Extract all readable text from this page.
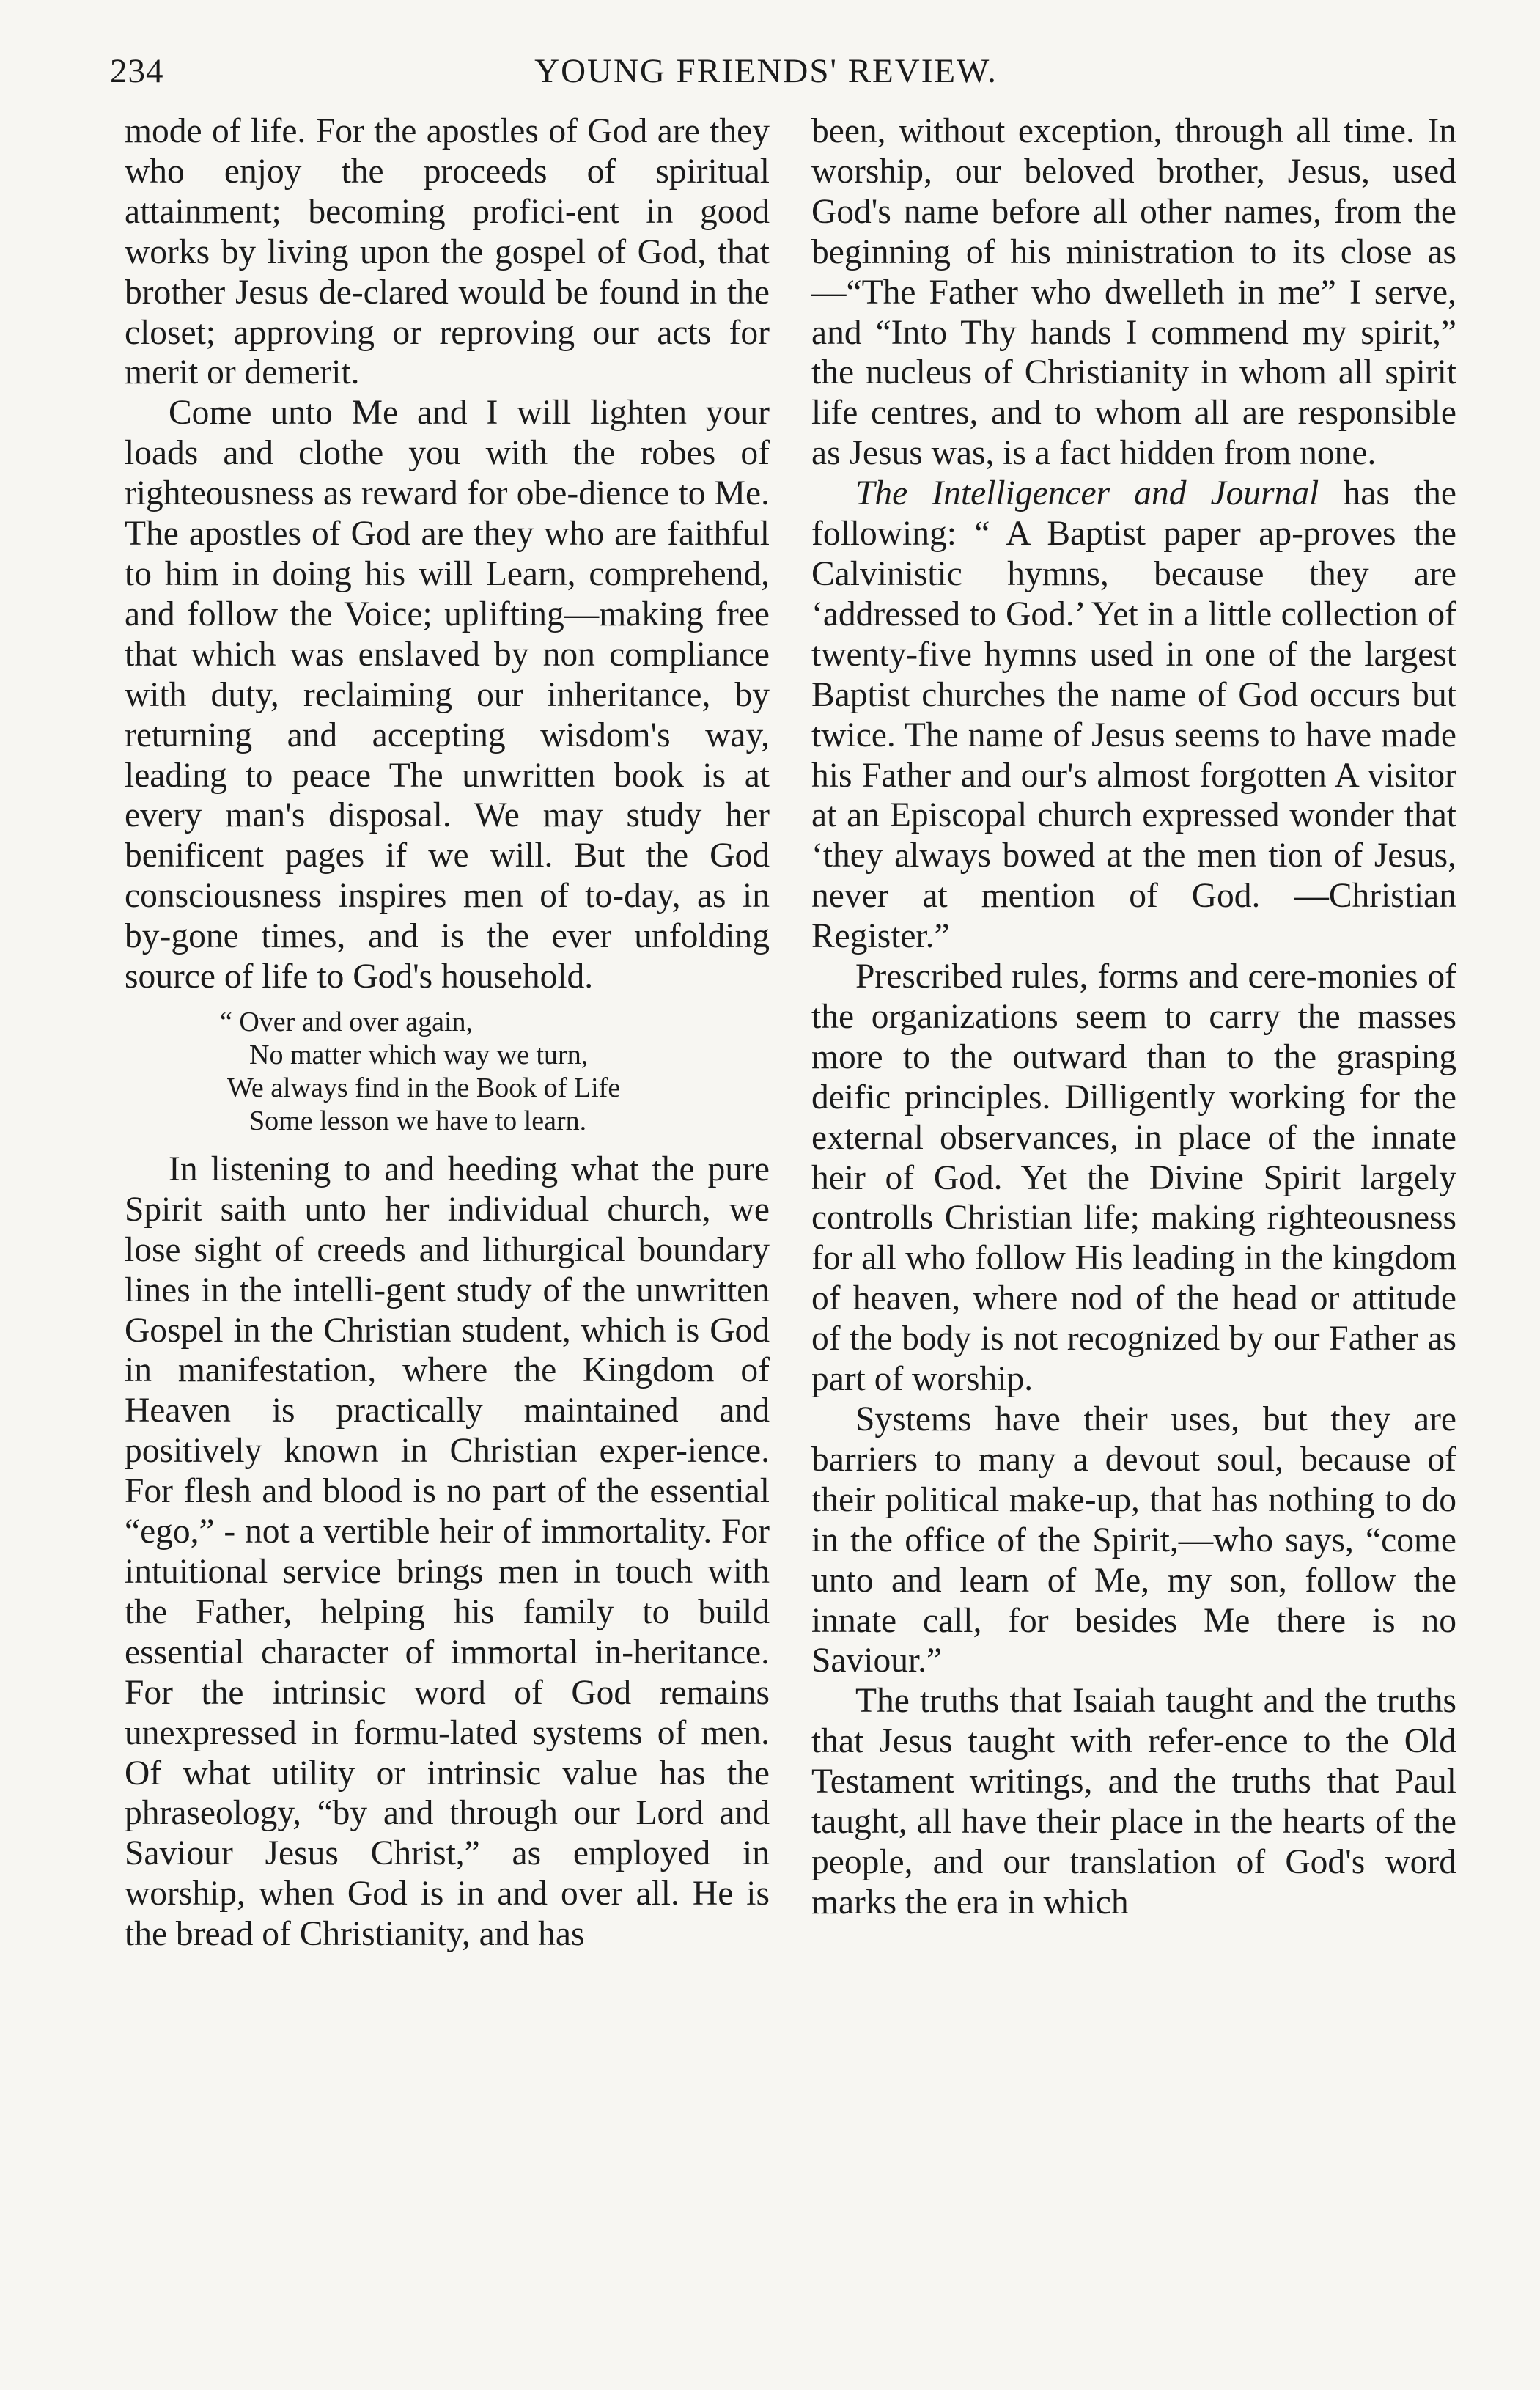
234	YOUNG FRIENDS' REVIEW.

mode of life. For the apostles of God are they who enjoy the proceeds of spiritual attainment; becoming profici-ent in good works by living upon the gospel of God, that brother Jesus de-clared would be found in the closet; approving or reproving our acts for merit or demerit.

Come unto Me and I will lighten your loads and clothe you with the robes of righteousness as reward for obe-dience to Me. The apostles of God are they who are faithful to him in doing his will Learn, comprehend, and follow the Voice; uplifting—making free that which was enslaved by non compliance with duty, reclaiming our inheritance, by returning and accepting wisdom's way, leading to peace The unwritten book is at every man's disposal. We may study her benificent pages if we will. But the God consciousness inspires men of to-day, as in by-gone times, and is the ever unfolding source of life to God's household.

“ Over and over again,
No matter which way we turn,
We always find in the Book of Life
Some lesson we have to learn.

In listening to and heeding what the pure Spirit saith unto her individual church, we lose sight of creeds and lithurgical boundary lines in the intelli-gent study of the unwritten Gospel in the Christian student, which is God in manifestation, where the Kingdom of Heaven is practically maintained and positively known in Christian exper-ience. For flesh and blood is no part of the essential “ego,” - not a vertible heir of immortality. For intuitional service brings men in touch with the Father, helping his family to build essential character of immortal in-heritance. For the intrinsic word of God remains unexpressed in formu-lated systems of men. Of what utility or intrinsic value has the phraseology, “by and through our Lord and Saviour Jesus Christ,” as employed in worship, when God is in and over all. He is the bread of Christianity, and has

been, without exception, through all time. In worship, our beloved brother, Jesus, used God's name before all other names, from the beginning of his ministration to its close as—“The Father who dwelleth in me” I serve, and “Into Thy hands I commend my spirit,” the nucleus of Christianity in whom all spirit life centres, and to whom all are responsible as Jesus was, is a fact hidden from none.

The Intelligencer and Journal has the following: “ A Baptist paper ap-proves the Calvinistic hymns, because they are ‘addressed to God.’ Yet in a little collection of twenty-five hymns used in one of the largest Baptist churches the name of God occurs but twice. The name of Jesus seems to have made his Father and our's almost forgotten A visitor at an Episcopal church expressed wonder that ‘they always bowed at the men tion of Jesus, never at mention of God. —Christian Register.”

Prescribed rules, forms and cere-monies of the organizations seem to carry the masses more to the outward than to the grasping deific principles. Dilligently working for the external observances, in place of the innate heir of God. Yet the Divine Spirit largely controlls Christian life; making righteousness for all who follow His leading in the kingdom of heaven, where nod of the head or attitude of the body is not recognized by our Father as part of worship.

Systems have their uses, but they are barriers to many a devout soul, because of their political make-up, that has nothing to do in the office of the Spirit,—who says, “come unto and learn of Me, my son, follow the innate call, for besides Me there is no Saviour.”

The truths that Isaiah taught and the truths that Jesus taught with refer-ence to the Old Testament writings, and the truths that Paul taught, all have their place in the hearts of the people, and our translation of God's word marks the era in which
